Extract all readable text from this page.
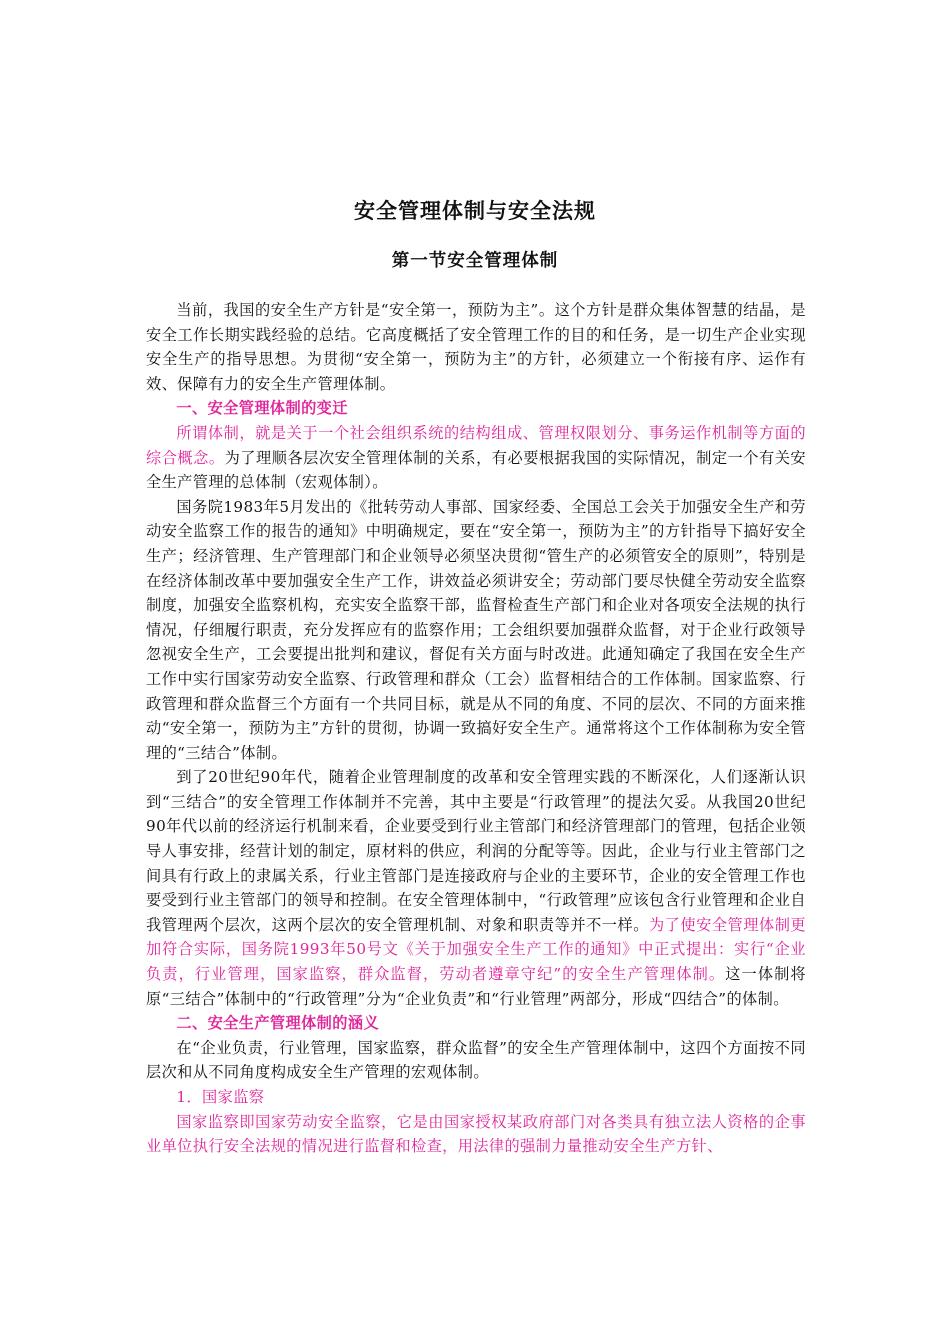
安全管理体制与安全法规
第一节安全管理体制

当前，我国的安全生产方针是“安全第一，预防为主”。这个方针是群众集体智慧的结晶，是安全工作长期实践经验的总结。它高度概括了安全管理工作的目的和任务，是一切生产企业实现安全生产的指导思想。为贯彻“安全第一，预防为主”的方针，必须建立一个衔接有序、运作有效、保障有力的安全生产管理体制。

一、安全管理体制的变迁

所谓体制，就是关于一个社会组织系统的结构组成、管理权限划分、事务运作机制等方面的综合概念。为了理顺各层次安全管理体制的关系，有必要根据我国的实际情况，制定一个有关安全生产管理的总体制（宏观体制）。

国务院1983年5月发出的《批转劳动人事部、国家经委、全国总工会关于加强安全生产和劳动安全监察工作的报告的通知》中明确规定，要在“安全第一，预防为主”的方针指导下搞好安全生产；经济管理、生产管理部门和企业领导必须坚决贯彻“管生产的必须管安全的原则”，特别是在经济体制改革中要加强安全生产工作，讲效益必须讲安全；劳动部门要尽快健全劳动安全监察制度，加强安全监察机构，充实安全监察干部，监督检查生产部门和企业对各项安全法规的执行情况，仔细履行职责，充分发挥应有的监察作用；工会组织要加强群众监督，对于企业行政领导忽视安全生产，工会要提出批判和建议，督促有关方面与时改进。此通知确定了我国在安全生产工作中实行国家劳动安全监察、行政管理和群众（工会）监督相结合的工作体制。国家监察、行政管理和群众监督三个方面有一个共同目标，就是从不同的角度、不同的层次、不同的方面来推动“安全第一，预防为主”方针的贯彻，协调一致搞好安全生产。通常将这个工作体制称为安全管理的“三结合”体制。

到了20世纪90年代，随着企业管理制度的改革和安全管理实践的不断深化，人们逐渐认识到“三结合”的安全管理工作体制并不完善，其中主要是“行政管理”的提法欠妥。从我国20世纪90年代以前的经济运行机制来看，企业要受到行业主管部门和经济管理部门的管理，包括企业领导人事安排，经营计划的制定，原材料的供应，利润的分配等等。因此，企业与行业主管部门之间具有行政上的隶属关系，行业主管部门是连接政府与企业的主要环节，企业的安全管理工作也要受到行业主管部门的领导和控制。在安全管理体制中，“行政管理”应该包含行业管理和企业自我管理两个层次，这两个层次的安全管理机制、对象和职责等并不一样。为了使安全管理体制更加符合实际，国务院1993年50号文《关于加强安全生产工作的通知》中正式提出：实行“企业负责，行业管理，国家监察，群众监督，劳动者遵章守纪”的安全生产管理体制。这一体制将原“三结合”体制中的“行政管理”分为“企业负责”和“行业管理”两部分，形成“四结合”的体制。

二、安全生产管理体制的涵义

在“企业负责，行业管理，国家监察，群众监督”的安全生产管理体制中，这四个方面按不同层次和从不同角度构成安全生产管理的宏观体制。

1．国家监察

国家监察即国家劳动安全监察，它是由国家授权某政府部门对各类具有独立法人资格的企事业单位执行安全法规的情况进行监督和检查，用法律的强制力量推动安全生产方针、
